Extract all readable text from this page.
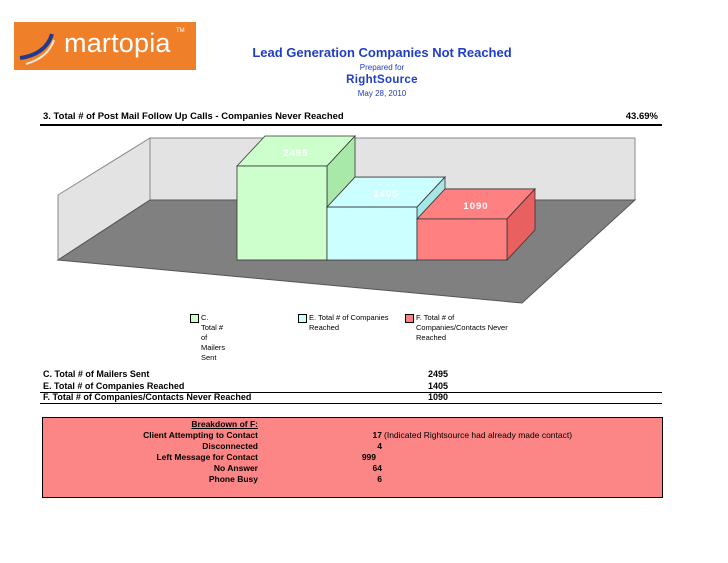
martopia TM
Lead Generation Companies Not Reached
Prepared for
RightSource
May 28, 2010
3. Total # of Post Mail Follow Up Calls - Companies Never Reached	43.69%
2495
1405
1090
C. Total # of Mailers Sent
E. Total # of Companies
Reached
F. Total # of
Companies/Contacts Never
Reached
C. Total # of Mailers Sent	2495
E. Total # of Companies Reached	1405
F. Total # of Companies/Contacts Never Reached	1090
Breakdown of F:
Client Attempting to Contact	17 (Indicated Rightsource had already made contact)
Disconnected	4
Left Message for Contact	999
No Answer	64
Phone Busy	6
